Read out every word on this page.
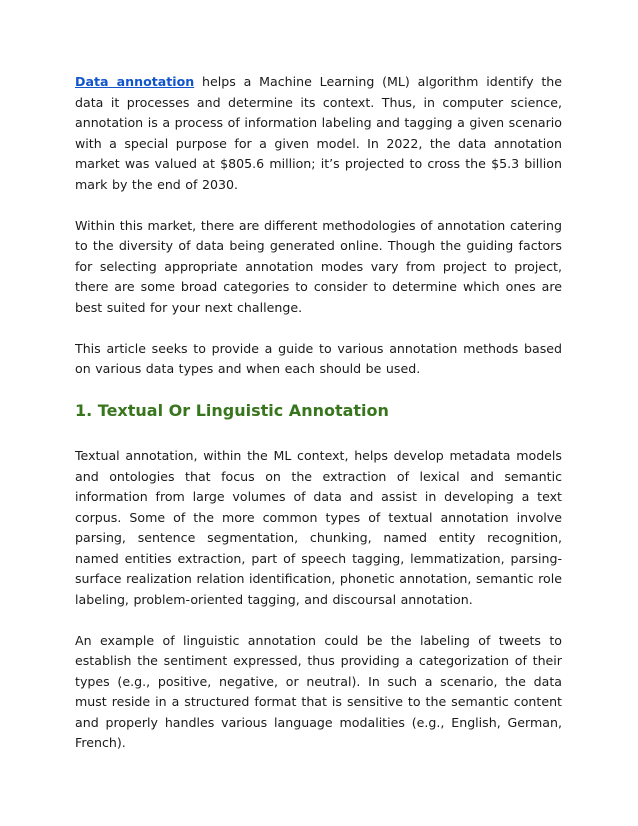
Data annotation helps a Machine Learning (ML) algorithm identify the data it processes and determine its context. Thus, in computer science, annotation is a process of information labeling and tagging a given scenario with a special purpose for a given model. In 2022, the data annotation market was valued at $805.6 million; it’s projected to cross the $5.3 billion mark by the end of 2030.

Within this market, there are different methodologies of annotation catering to the diversity of data being generated online. Though the guiding factors for selecting appropriate annotation modes vary from project to project, there are some broad categories to consider to determine which ones are best suited for your next challenge.

This article seeks to provide a guide to various annotation methods based on various data types and when each should be used.

1. Textual Or Linguistic Annotation

Textual annotation, within the ML context, helps develop metadata models and ontologies that focus on the extraction of lexical and semantic information from large volumes of data and assist in developing a text corpus. Some of the more common types of textual annotation involve parsing, sentence segmentation, chunking, named entity recognition, named entities extraction, part of speech tagging, lemmatization, parsing-surface realization relation identification, phonetic annotation, semantic role labeling, problem-oriented tagging, and discoursal annotation.

An example of linguistic annotation could be the labeling of tweets to establish the sentiment expressed, thus providing a categorization of their types (e.g., positive, negative, or neutral). In such a scenario, the data must reside in a structured format that is sensitive to the semantic content and properly handles various language modalities (e.g., English, German, French).
